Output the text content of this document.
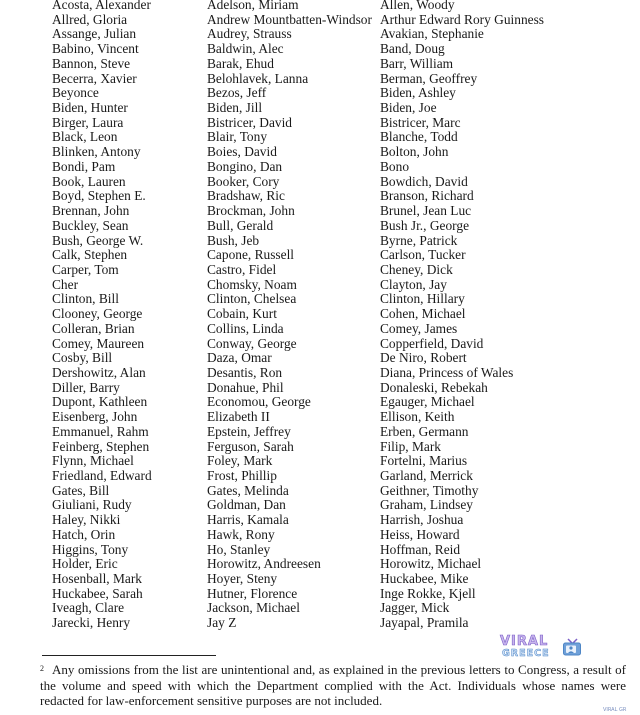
Acosta, Alexander
Allred, Gloria
Assange, Julian
Babino, Vincent
Bannon, Steve
Becerra, Xavier
Beyonce
Biden, Hunter
Birger, Laura
Black, Leon
Blinken, Antony
Bondi, Pam
Book, Lauren
Boyd, Stephen E.
Brennan, John
Buckley, Sean
Bush, George W.
Calk, Stephen
Carper, Tom
Cher
Clinton, Bill
Clooney, George
Colleran, Brian
Comey, Maureen
Cosby, Bill
Dershowitz, Alan
Diller, Barry
Dupont, Kathleen
Eisenberg, John
Emmanuel, Rahm
Feinberg, Stephen
Flynn, Michael
Friedland, Edward
Gates, Bill
Giuliani, Rudy
Haley, Nikki
Hatch, Orin
Higgins, Tony
Holder, Eric
Hosenball, Mark
Huckabee, Sarah
Iveagh, Clare
Jarecki, Henry
Adelson, Miriam
Andrew Mountbatten-Windsor
Audrey, Strauss
Baldwin, Alec
Barak, Ehud
Belohlavek, Lanna
Bezos, Jeff
Biden, Jill
Bistricer, David
Blair, Tony
Boies, David
Bongino, Dan
Booker, Cory
Bradshaw, Ric
Brockman, John
Bull, Gerald
Bush, Jeb
Capone, Russell
Castro, Fidel
Chomsky, Noam
Clinton, Chelsea
Cobain, Kurt
Collins, Linda
Conway, George
Daza, Omar
Desantis, Ron
Donahue, Phil
Economou, George
Elizabeth II
Epstein, Jeffrey
Ferguson, Sarah
Foley, Mark
Frost, Phillip
Gates, Melinda
Goldman, Dan
Harris, Kamala
Hawk, Rony
Ho, Stanley
Horowitz, Andreesen
Hoyer, Steny
Hutner, Florence
Jackson, Michael
Jay Z
Allen, Woody
Arthur Edward Rory Guinness
Avakian, Stephanie
Band, Doug
Barr, William
Berman, Geoffrey
Biden, Ashley
Biden, Joe
Bistricer, Marc
Blanche, Todd
Bolton, John
Bono
Bowdich, David
Branson, Richard
Brunel, Jean Luc
Bush Jr., George
Byrne, Patrick
Carlson, Tucker
Cheney, Dick
Clayton, Jay
Clinton, Hillary
Cohen, Michael
Comey, James
Copperfield, David
De Niro, Robert
Diana, Princess of Wales
Donaleski, Rebekah
Egauger, Michael
Ellison, Keith
Erben, Germann
Filip, Mark
Fortelni, Marius
Garland, Merrick
Geithner, Timothy
Graham, Lindsey
Harrish, Joshua
Heiss, Howard
Hoffman, Reid
Horowitz, Michael
Huckabee, Mike
Inge Rokke, Kjell
Jagger, Mick
Jayapal, Pramila
$^2$ Any omissions from the list are unintentional and, as explained in the previous letters to Congress, a result of the volume and speed with which the Department complied with the Act. Individuals whose names were redacted for law-enforcement sensitive purposes are not included.
VIRAL
GREECE
VIRAL GR
